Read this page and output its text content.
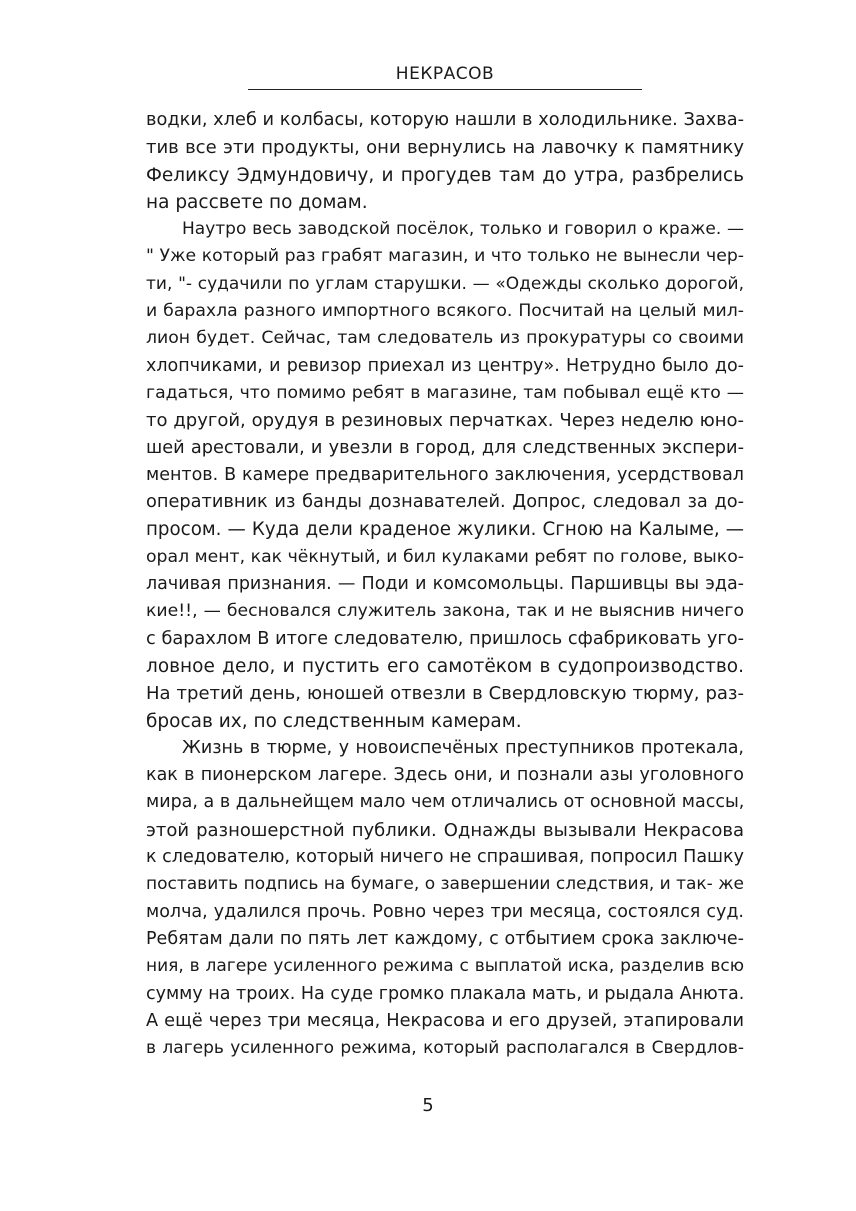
НЕКРАСОВ
водки, хлеб и колбасы, которую нашли в холодильнике. Захва-
тив все эти продукты, они вернулись на лавочку к памятнику
Феликсу Эдмундовичу, и прогудев там до утра, разбрелись
на рассвете по домам.
Наутро весь заводской посёлок, только и говорил о краже. —
" Уже который раз грабят магазин, и что только не вынесли чер-
ти, "- судачили по углам старушки. — «Одежды сколько дорогой,
и барахла разного импортного всякого. Посчитай на целый мил-
лион будет. Сейчас, там следователь из прокуратуры со своими
хлопчиками, и ревизор приехал из центру». Нетрудно было до-
гадаться, что помимо ребят в магазине, там побывал ещё кто —
то другой, орудуя в резиновых перчатках. Через неделю юно-
шей арестовали, и увезли в город, для следственных экспери-
ментов. В камере предварительного заключения, усердствовал
оперативник из банды дознавателей. Допрос, следовал за до-
просом. — Куда дели краденое жулики. Сгною на Калыме, —
орал мент, как чёкнутый, и бил кулаками ребят по голове, выко-
лачивая признания. — Поди и комсомольцы. Паршивцы вы эда-
кие!!, — бесновался служитель закона, так и не выяснив ничего
с барахлом В итоге следователю, пришлось сфабриковать уго-
ловное дело, и пустить его самотёком в судопроизводство.
На третий день, юношей отвезли в Свердловскую тюрму, раз-
бросав их, по следственным камерам.
Жизнь в тюрме, у новоиспечёных преступников протекала,
как в пионерском лагере. Здесь они, и познали азы уголовного
мира, а в дальнейщем мало чем отличались от основной массы,
этой разношерстной публики. Однажды вызывали Некрасова
к следователю, который ничего не спрашивая, попросил Пашку
поставить подпись на бумаге, о завершении следствия, и так- же
молча, удалился прочь. Ровно через три месяца, состоялся суд.
Ребятам дали по пять лет каждому, с отбытием срока заключе-
ния, в лагере усиленного режима с выплатой иска, разделив всю
сумму на троих. На суде громко плакала мать, и рыдала Анюта.
А ещё через три месяца, Некрасова и его друзей, этапировали
в лагерь усиленного режима, который располагался в Свердлов-
5
